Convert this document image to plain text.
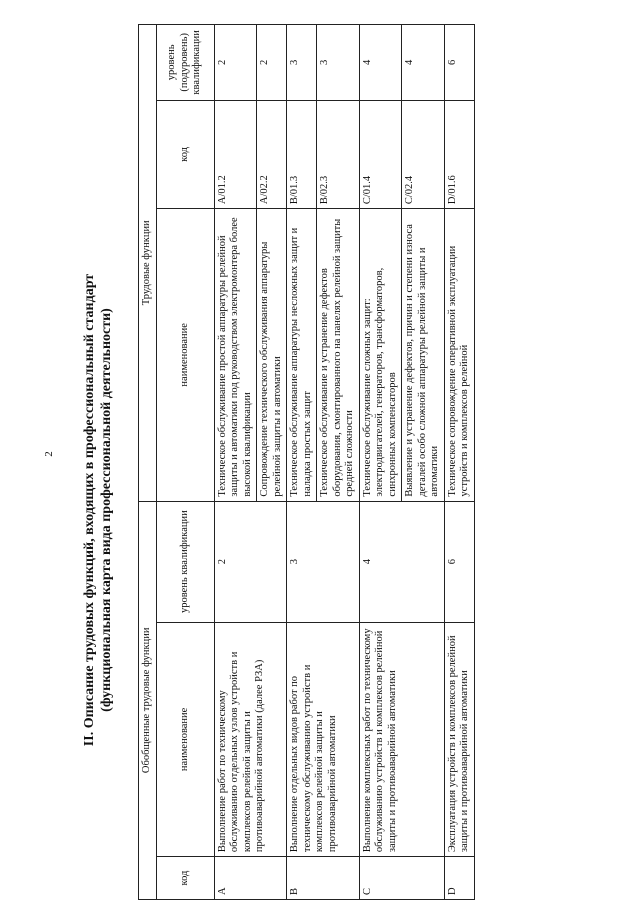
2 II. Описание трудовых функций, входящих в профессиональный стандарт (функциональная карта вида профессиональной деятельности)	Обобщенные трудовые функции			Трудовые функции		
код	наименование	уровень квалификации	наименование	код	уровень (подуровень) квалификации
А	Выполнение работ по техническому обслуживанию отдельных узлов устройств и комплексов релейной защиты и противоаварийной автоматики (далее РЗА)	2	Техническое обслуживание простой аппаратуры релейной защиты и автоматики под руководством электромонтера более высокой квалификации	А/01.2	2
			Сопровождение технического обслуживания аппаратуры релейной защиты и автоматики	А/02.2	2
В	Выполнение отдельных видов работ по техническому обслуживанию устройств и комплексов релейной защиты и противоаварийной автоматики	3	Техническое обслуживание аппаратуры несложных защит и наладка простых защит	В/01.3	3
			Техническое обслуживание и устранение дефектов оборудования, смонтированного на панелях релейной защиты средней сложности	В/02.3	3
С	Выполнение комплексных работ по техническому обслуживанию устройств и комплексов релейной защиты и противоаварийной автоматики	4	Техническое обслуживание сложных защит: электродвигателей, генераторов, трансформаторов, синхронных компенсаторов	С/01.4	4
			Выявление и устранение дефектов, причин и степени износа деталей особо сложной аппаратуры релейной защиты и автоматики	С/02.4	4
D	Эксплуатация устройств и комплексов релейной защиты и противоаварийной автоматики	6	Техническое сопровождение оперативной эксплуатации устройств и комплексов релейной	D/01.6	6
